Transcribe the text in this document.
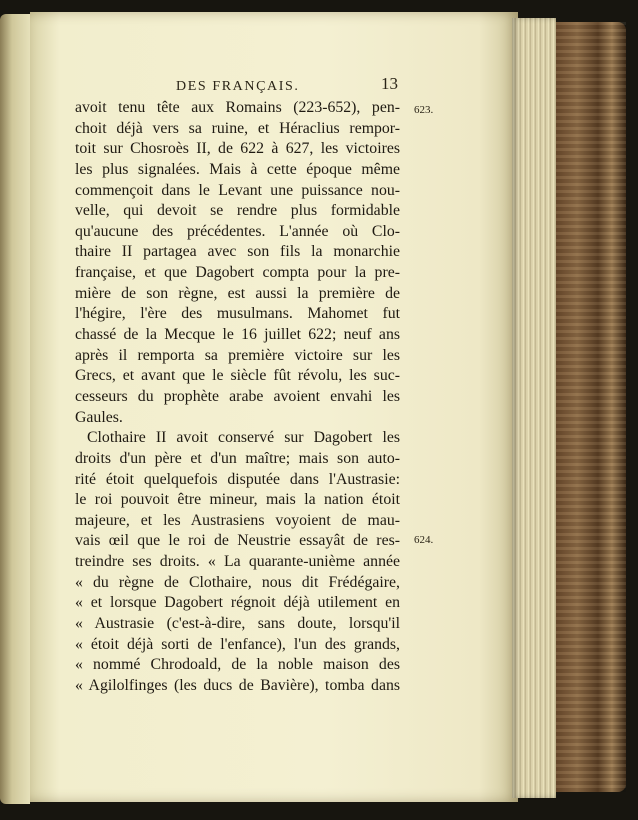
DES FRANÇAIS.	13
623.
624.
avoit tenu tête aux Romains (223-652), pen-
choit déjà vers sa ruine, et Héraclius rempor-
toit sur Chosroès II, de 622 à 627, les victoires
les plus signalées. Mais à cette époque même
commençoit dans le Levant une puissance nou-
velle, qui devoit se rendre plus formidable
qu'aucune des précédentes. L'année où Clo-
thaire II partagea avec son fils la monarchie
française, et que Dagobert compta pour la pre-
mière de son règne, est aussi la première de
l'hégire, l'ère des musulmans. Mahomet fut
chassé de la Mecque le 16 juillet 622; neuf ans
après il remporta sa première victoire sur les
Grecs, et avant que le siècle fût révolu, les suc-
cesseurs du prophète arabe avoient envahi les
Gaules.
Clothaire II avoit conservé sur Dagobert les
droits d'un père et d'un maître; mais son auto-
rité étoit quelquefois disputée dans l'Austrasie:
le roi pouvoit être mineur, mais la nation étoit
majeure, et les Austrasiens voyoient de mau-
vais œil que le roi de Neustrie essayât de res-
treindre ses droits. « La quarante-unième année
« du règne de Clothaire, nous dit Frédégaire,
« et lorsque Dagobert régnoit déjà utilement en
« Austrasie (c'est-à-dire, sans doute, lorsqu'il
« étoit déjà sorti de l'enfance), l'un des grands,
« nommé Chrodoald, de la noble maison des
« Agilolfinges (les ducs de Bavière), tomba dans
